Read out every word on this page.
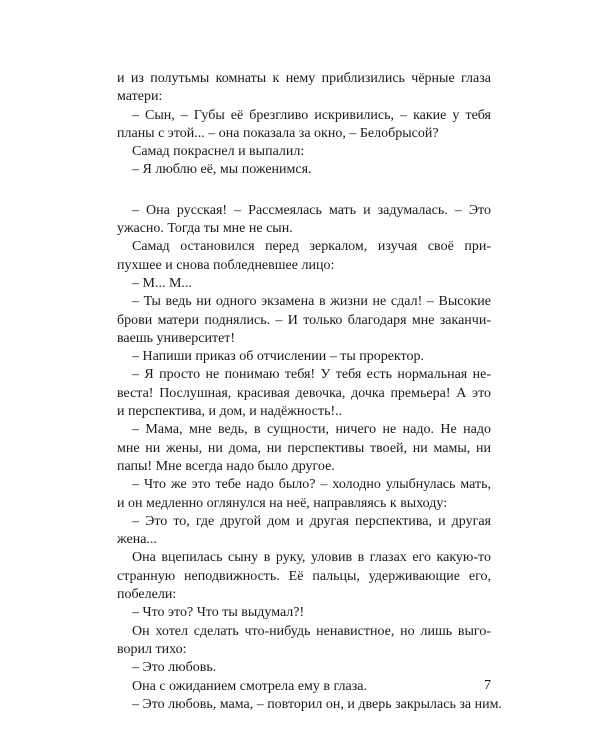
и из полутьмы комнаты к нему приблизились чёрные глаза
матери:
– Сын, – Губы её брезгливо искривились, – какие у тебя
планы с этой... – она показала за окно, – Белобрысой?
Самад покраснел и выпалил:
– Я люблю её, мы поженимся.
– Она русская! – Рассмеялась мать и задумалась. – Это
ужасно. Тогда ты мне не сын.
Самад остановился перед зеркалом, изучая своё при-
пухшее и снова побледневшее лицо:
– М... М...
– Ты ведь ни одного экзамена в жизни не сдал! – Высокие
брови матери поднялись. – И только благодаря мне заканчи-
ваешь университет!
– Напиши приказ об отчислении – ты проректор.
– Я просто не понимаю тебя! У тебя есть нормальная не-
веста! Послушная, красивая девочка, дочка премьера! А это
и перспектива, и дом, и надёжность!..
– Мама, мне ведь, в сущности, ничего не надо. Не надо
мне ни жены, ни дома, ни перспективы твоей, ни мамы, ни
папы! Мне всегда надо было другое.
– Что же это тебе надо было? – холодно улыбнулась мать,
и он медленно оглянулся на неё, направляясь к выходу:
– Это то, где другой дом и другая перспектива, и другая
жена...
Она вцепилась сыну в руку, уловив в глазах его какую-то
странную неподвижность. Её пальцы, удерживающие его,
побелели:
– Что это? Что ты выдумал?!
Он хотел сделать что-нибудь ненавистное, но лишь выго-
ворил тихо:
– Это любовь.
Она с ожиданием смотрела ему в глаза.
– Это любовь, мама, – повторил он, и дверь закрылась за ним.
7
